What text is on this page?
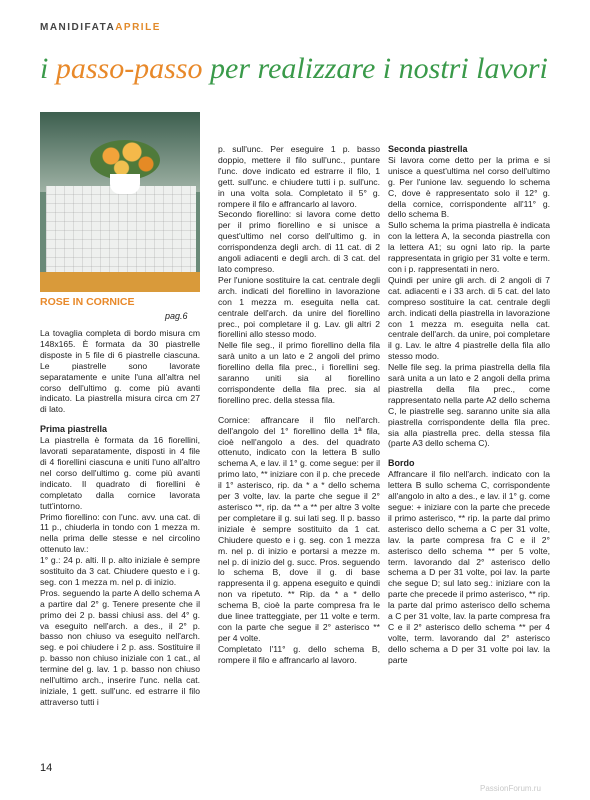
MANIDIFATAAPRILE
i passo-passo per realizzare i nostri lavori
ROSE IN CORNICE
pag.6

La tovaglia completa di bordo misura cm 148x165. È formata da 30 piastrelle disposte in 5 file di 6 piastrelle ciascuna. Le piastrelle sono lavorate separatamente e unite l'una all'altra nel corso dell'ultimo g. come più avanti indicato. La piastrella misura circa cm 27 di lato.

Prima piastrella

La piastrella è formata da 16 fiorellini, lavorati separatamente, disposti in 4 file di 4 fiorellini ciascuna e uniti l'uno all'altro nel corso dell'ultimo g. come più avanti indicato. Il quadrato di fiorellini è completato dalla cornice lavorata tutt'intorno.

Primo fiorellino: con l'unc. avv. una cat. di 11 p., chiuderla in tondo con 1 mezza m. nella prima delle stesse e nel circolino ottenuto lav.:

1° g.: 24 p. alti. Il p. alto iniziale è sempre sostituito da 3 cat. Chiudere questo e i g. seg. con 1 mezza m. nel p. di inizio.

Pros. seguendo la parte A dello schema A a partire dal 2° g. Tenere presente che il primo dei 2 p. bassi chiusi ass. del 4° g. va eseguito nell'arch. a des., il 2° p. basso non chiuso va eseguito nell'arch. seg. e poi chiudere i 2 p. ass. Sostituire il p. basso non chiuso iniziale con 1 cat., al termine del g. lav. 1 p. basso non chiuso nell'ultimo arch., inserire l'unc. nella cat. iniziale, 1 gett. sull'unc. ed estrarre il filo attraverso tutti i

p. sull'unc. Per eseguire 1 p. basso doppio, mettere il filo sull'unc., puntare l'unc. dove indicato ed estrarre il filo, 1 gett. sull'unc. e chiudere tutti i p. sull'unc. in una volta sola. Completato il 5° g. rompere il filo e affrancarlo al lavoro.

Secondo fiorellino: si lavora come detto per il primo fiorellino e si unisce a quest'ultimo nel corso dell'ultimo g. in corrispondenza degli arch. di 11 cat. di 2 angoli adiacenti e degli arch. di 3 cat. del lato compreso.

Per l'unione sostituire la cat. centrale degli arch. indicati del fiorellino in lavorazione con 1 mezza m. eseguita nella cat. centrale dell'arch. da unire del fiorellino prec., poi completare il g. Lav. gli altri 2 fiorellini allo stesso modo.

Nelle file seg., il primo fiorellino della fila sarà unito a un lato e 2 angoli del primo fiorellino della fila prec., i fiorellini seg. saranno uniti sia al fiorellino corrispondente della fila prec. sia al fiorellino prec. della stessa fila.

Cornice: affrancare il filo nell'arch. dell'angolo del 1° fiorellino della 1ª fila, cioè nell'angolo a des. del quadrato ottenuto, indicato con la lettera B sullo schema A, e lav. il 1° g. come segue: per il primo lato, ** iniziare con il p. che precede il 1° asterisco, rip. da * a * dello schema per 3 volte, lav. la parte che segue il 2° asterisco **, rip. da ** a ** per altre 3 volte per completare il g. sui lati seg. Il p. basso iniziale è sempre sostituito da 1 cat. Chiudere questo e i g. seg. con 1 mezza m. nel p. di inizio e portarsi a mezze m. nel p. di inizio del g. succ. Pros. seguendo lo schema B, dove il g. di base rappresenta il g. appena eseguito e quindi non va ripetuto. ** Rip. da * a * dello schema B, cioè la parte compresa fra le due linee tratteggiate, per 11 volte e term. con la parte che segue il 2° asterisco ** per 4 volte.

Completato l'11° g. dello schema B, rompere il filo e affrancarlo al lavoro.

Seconda piastrella

Si lavora come detto per la prima e si unisce a quest'ultima nel corso dell'ultimo g. Per l'unione lav. seguendo lo schema C, dove è rappresentato solo il 12° g. della cornice, corrispondente all'11° g. dello schema B.

Sullo schema la prima piastrella è indicata con la lettera A, la seconda piastrella con la lettera A1; su ogni lato rip. la parte rappresentata in grigio per 31 volte e term. con i p. rappresentati in nero.

Quindi per unire gli arch. di 2 angoli di 7 cat. adiacenti e i 33 arch. di 5 cat. del lato compreso sostituire la cat. centrale degli arch. indicati della piastrella in lavorazione con 1 mezza m. eseguita nella cat. centrale dell'arch. da unire, poi completare il g. Lav. le altre 4 piastrelle della fila allo stesso modo.

Nelle file seg. la prima piastrella della fila sarà unita a un lato e 2 angoli della prima piastrella della fila prec., come rappresentato nella parte A2 dello schema C, le piastrelle seg. saranno unite sia alla piastrella corrispondente della fila prec. sia alla piastrella prec. della stessa fila (parte A3 dello schema C).

Bordo

Affrancare il filo nell'arch. indicato con la lettera B sullo schema C, corrispondente all'angolo in alto a des., e lav. il 1° g. come segue: + iniziare con la parte che precede il primo asterisco, ** rip. la parte dal primo asterisco dello schema a C per 31 volte, lav. la parte compresa fra C e il 2° asterisco dello schema ** per 5 volte, term. lavorando dal 2° asterisco dello schema a D per 31 volte, poi lav. la parte che segue D; sul lato seg.: iniziare con la parte che precede il primo asterisco, ** rip. la parte dal primo asterisco dello schema a C per 31 volte, lav. la parte compresa fra C e il 2° asterisco dello schema ** per 4 volte, term. lavorando dal 2° asterisco dello schema a D per 31 volte poi lav. la parte

14
PassionForum.ru
